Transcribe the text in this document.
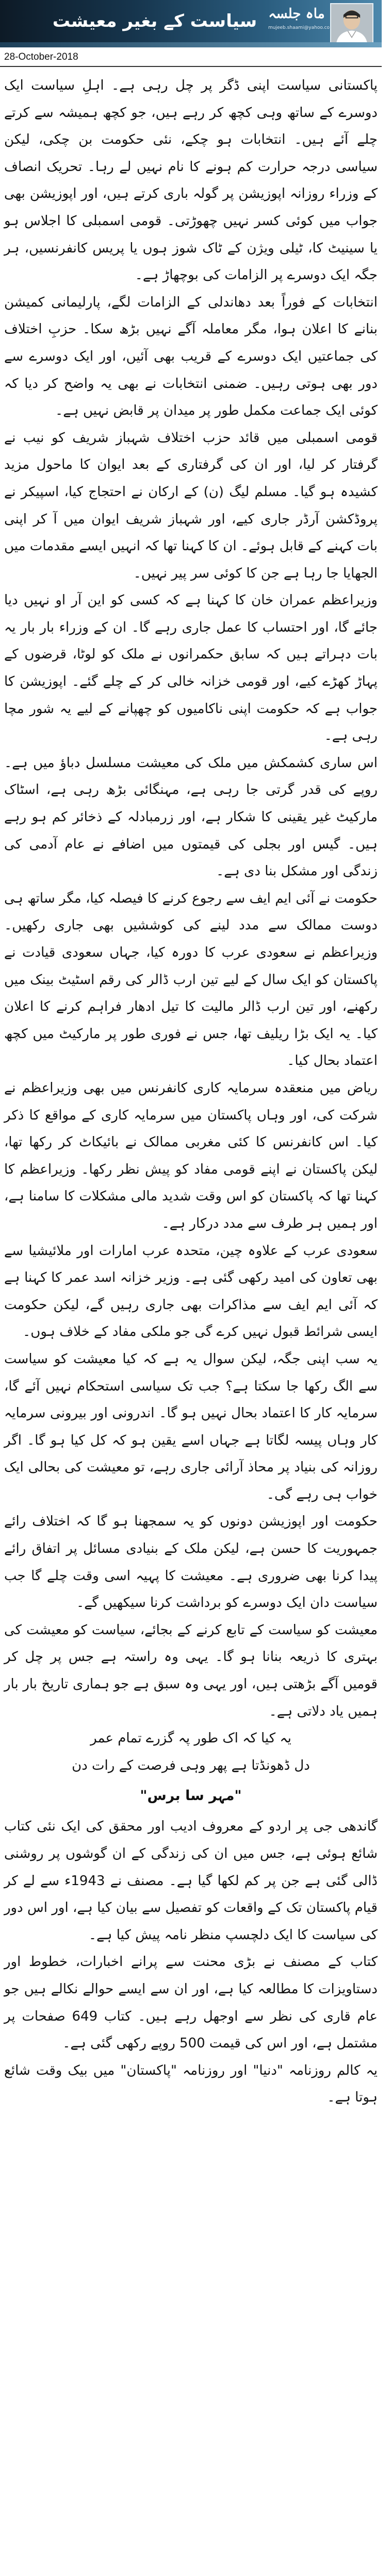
سیاست کے بغیر معیشت ماہ جلسہ
mujeeb.shaami@yahoo.co
28-October-2018

پاکستانی سیاست اپنی ڈگر پر چل رہی ہے۔ اہلِ سیاست ایک دوسرے کے ساتھ وہی کچھ کر رہے ہیں، جو کچھ ہمیشہ سے کرتے چلے آئے ہیں۔ انتخابات ہو چکے، نئی حکومت بن چکی، لیکن سیاسی درجہ حرارت کم ہونے کا نام نہیں لے رہا۔ تحریک انصاف کے وزراء روزانہ اپوزیشن پر گولہ باری کرتے ہیں، اور اپوزیشن بھی جواب میں کوئی کسر نہیں چھوڑتی۔ قومی اسمبلی کا اجلاس ہو یا سینیٹ کا، ٹیلی ویژن کے ٹاک شوز ہوں یا پریس کانفرنسیں، ہر جگہ ایک دوسرے پر الزامات کی بوچھاڑ ہے۔

انتخابات کے فوراً بعد دھاندلی کے الزامات لگے، پارلیمانی کمیشن بنانے کا اعلان ہوا، مگر معاملہ آگے نہیں بڑھ سکا۔ حزبِ اختلاف کی جماعتیں ایک دوسرے کے قریب بھی آئیں، اور ایک دوسرے سے دور بھی ہوتی رہیں۔ ضمنی انتخابات نے بھی یہ واضح کر دیا کہ کوئی ایک جماعت مکمل طور پر میدان پر قابض نہیں ہے۔

قومی اسمبلی میں قائد حزب اختلاف شہباز شریف کو نیب نے گرفتار کر لیا، اور ان کی گرفتاری کے بعد ایوان کا ماحول مزید کشیدہ ہو گیا۔ مسلم لیگ (ن) کے ارکان نے احتجاج کیا، اسپیکر نے پروڈکشن آرڈر جاری کیے، اور شہباز شریف ایوان میں آ کر اپنی بات کہنے کے قابل ہوئے۔ ان کا کہنا تھا کہ انہیں ایسے مقدمات میں الجھایا جا رہا ہے جن کا کوئی سر پیر نہیں۔

وزیراعظم عمران خان کا کہنا ہے کہ کسی کو این آر او نہیں دیا جائے گا، اور احتساب کا عمل جاری رہے گا۔ ان کے وزراء بار بار یہ بات دہراتے ہیں کہ سابق حکمرانوں نے ملک کو لوٹا، قرضوں کے پہاڑ کھڑے کیے، اور قومی خزانہ خالی کر کے چلے گئے۔ اپوزیشن کا جواب ہے کہ حکومت اپنی ناکامیوں کو چھپانے کے لیے یہ شور مچا رہی ہے۔

اس ساری کشمکش میں ملک کی معیشت مسلسل دباؤ میں ہے۔ روپے کی قدر گرتی جا رہی ہے، مہنگائی بڑھ رہی ہے، اسٹاک مارکیٹ غیر یقینی کا شکار ہے، اور زرمبادلہ کے ذخائر کم ہو رہے ہیں۔ گیس اور بجلی کی قیمتوں میں اضافے نے عام آدمی کی زندگی اور مشکل بنا دی ہے۔

حکومت نے آئی ایم ایف سے رجوع کرنے کا فیصلہ کیا، مگر ساتھ ہی دوست ممالک سے مدد لینے کی کوششیں بھی جاری رکھیں۔ وزیراعظم نے سعودی عرب کا دورہ کیا، جہاں سعودی قیادت نے پاکستان کو ایک سال کے لیے تین ارب ڈالر کی رقم اسٹیٹ بینک میں رکھنے، اور تین ارب ڈالر مالیت کا تیل ادھار فراہم کرنے کا اعلان کیا۔ یہ ایک بڑا ریلیف تھا، جس نے فوری طور پر مارکیٹ میں کچھ اعتماد بحال کیا۔

ریاض میں منعقدہ سرمایہ کاری کانفرنس میں بھی وزیراعظم نے شرکت کی، اور وہاں پاکستان میں سرمایہ کاری کے مواقع کا ذکر کیا۔ اس کانفرنس کا کئی مغربی ممالک نے بائیکاٹ کر رکھا تھا، لیکن پاکستان نے اپنے قومی مفاد کو پیش نظر رکھا۔ وزیراعظم کا کہنا تھا کہ پاکستان کو اس وقت شدید مالی مشکلات کا سامنا ہے، اور ہمیں ہر طرف سے مدد درکار ہے۔

سعودی عرب کے علاوہ چین، متحدہ عرب امارات اور ملائیشیا سے بھی تعاون کی امید رکھی گئی ہے۔ وزیر خزانہ اسد عمر کا کہنا ہے کہ آئی ایم ایف سے مذاکرات بھی جاری رہیں گے، لیکن حکومت ایسی شرائط قبول نہیں کرے گی جو ملکی مفاد کے خلاف ہوں۔

یہ سب اپنی جگہ، لیکن سوال یہ ہے کہ کیا معیشت کو سیاست سے الگ رکھا جا سکتا ہے؟ جب تک سیاسی استحکام نہیں آئے گا، سرمایہ کار کا اعتماد بحال نہیں ہو گا۔ اندرونی اور بیرونی سرمایہ کار وہاں پیسہ لگاتا ہے جہاں اسے یقین ہو کہ کل کیا ہو گا۔ اگر روزانہ کی بنیاد پر محاذ آرائی جاری رہے، تو معیشت کی بحالی ایک خواب ہی رہے گی۔

حکومت اور اپوزیشن دونوں کو یہ سمجھنا ہو گا کہ اختلاف رائے جمہوریت کا حسن ہے، لیکن ملک کے بنیادی مسائل پر اتفاق رائے پیدا کرنا بھی ضروری ہے۔ معیشت کا پہیہ اسی وقت چلے گا جب سیاست دان ایک دوسرے کو برداشت کرنا سیکھیں گے۔

معیشت کو سیاست کے تابع کرنے کے بجائے، سیاست کو معیشت کی بہتری کا ذریعہ بنانا ہو گا۔ یہی وہ راستہ ہے جس پر چل کر قومیں آگے بڑھتی ہیں، اور یہی وہ سبق ہے جو ہماری تاریخ بار بار ہمیں یاد دلاتی ہے۔

یہ کیا کہ اک طور پہ گزرے تمام عمر

دل ڈھونڈتا ہے پھر وہی فرصت کے رات دن

"مہر سا برس"

گاندھی جی پر اردو کے معروف ادیب اور محقق کی ایک نئی کتاب شائع ہوئی ہے، جس میں ان کی زندگی کے ان گوشوں پر روشنی ڈالی گئی ہے جن پر کم لکھا گیا ہے۔ مصنف نے 1943ء سے لے کر قیام پاکستان تک کے واقعات کو تفصیل سے بیان کیا ہے، اور اس دور کی سیاست کا ایک دلچسپ منظر نامہ پیش کیا ہے۔

کتاب کے مصنف نے بڑی محنت سے پرانے اخبارات، خطوط اور دستاویزات کا مطالعہ کیا ہے، اور ان سے ایسے حوالے نکالے ہیں جو عام قاری کی نظر سے اوجھل رہے ہیں۔ کتاب 649 صفحات پر مشتمل ہے، اور اس کی قیمت 500 روپے رکھی گئی ہے۔

یہ کالم روزنامہ "دنیا" اور روزنامہ "پاکستان" میں بیک وقت شائع ہوتا ہے۔
